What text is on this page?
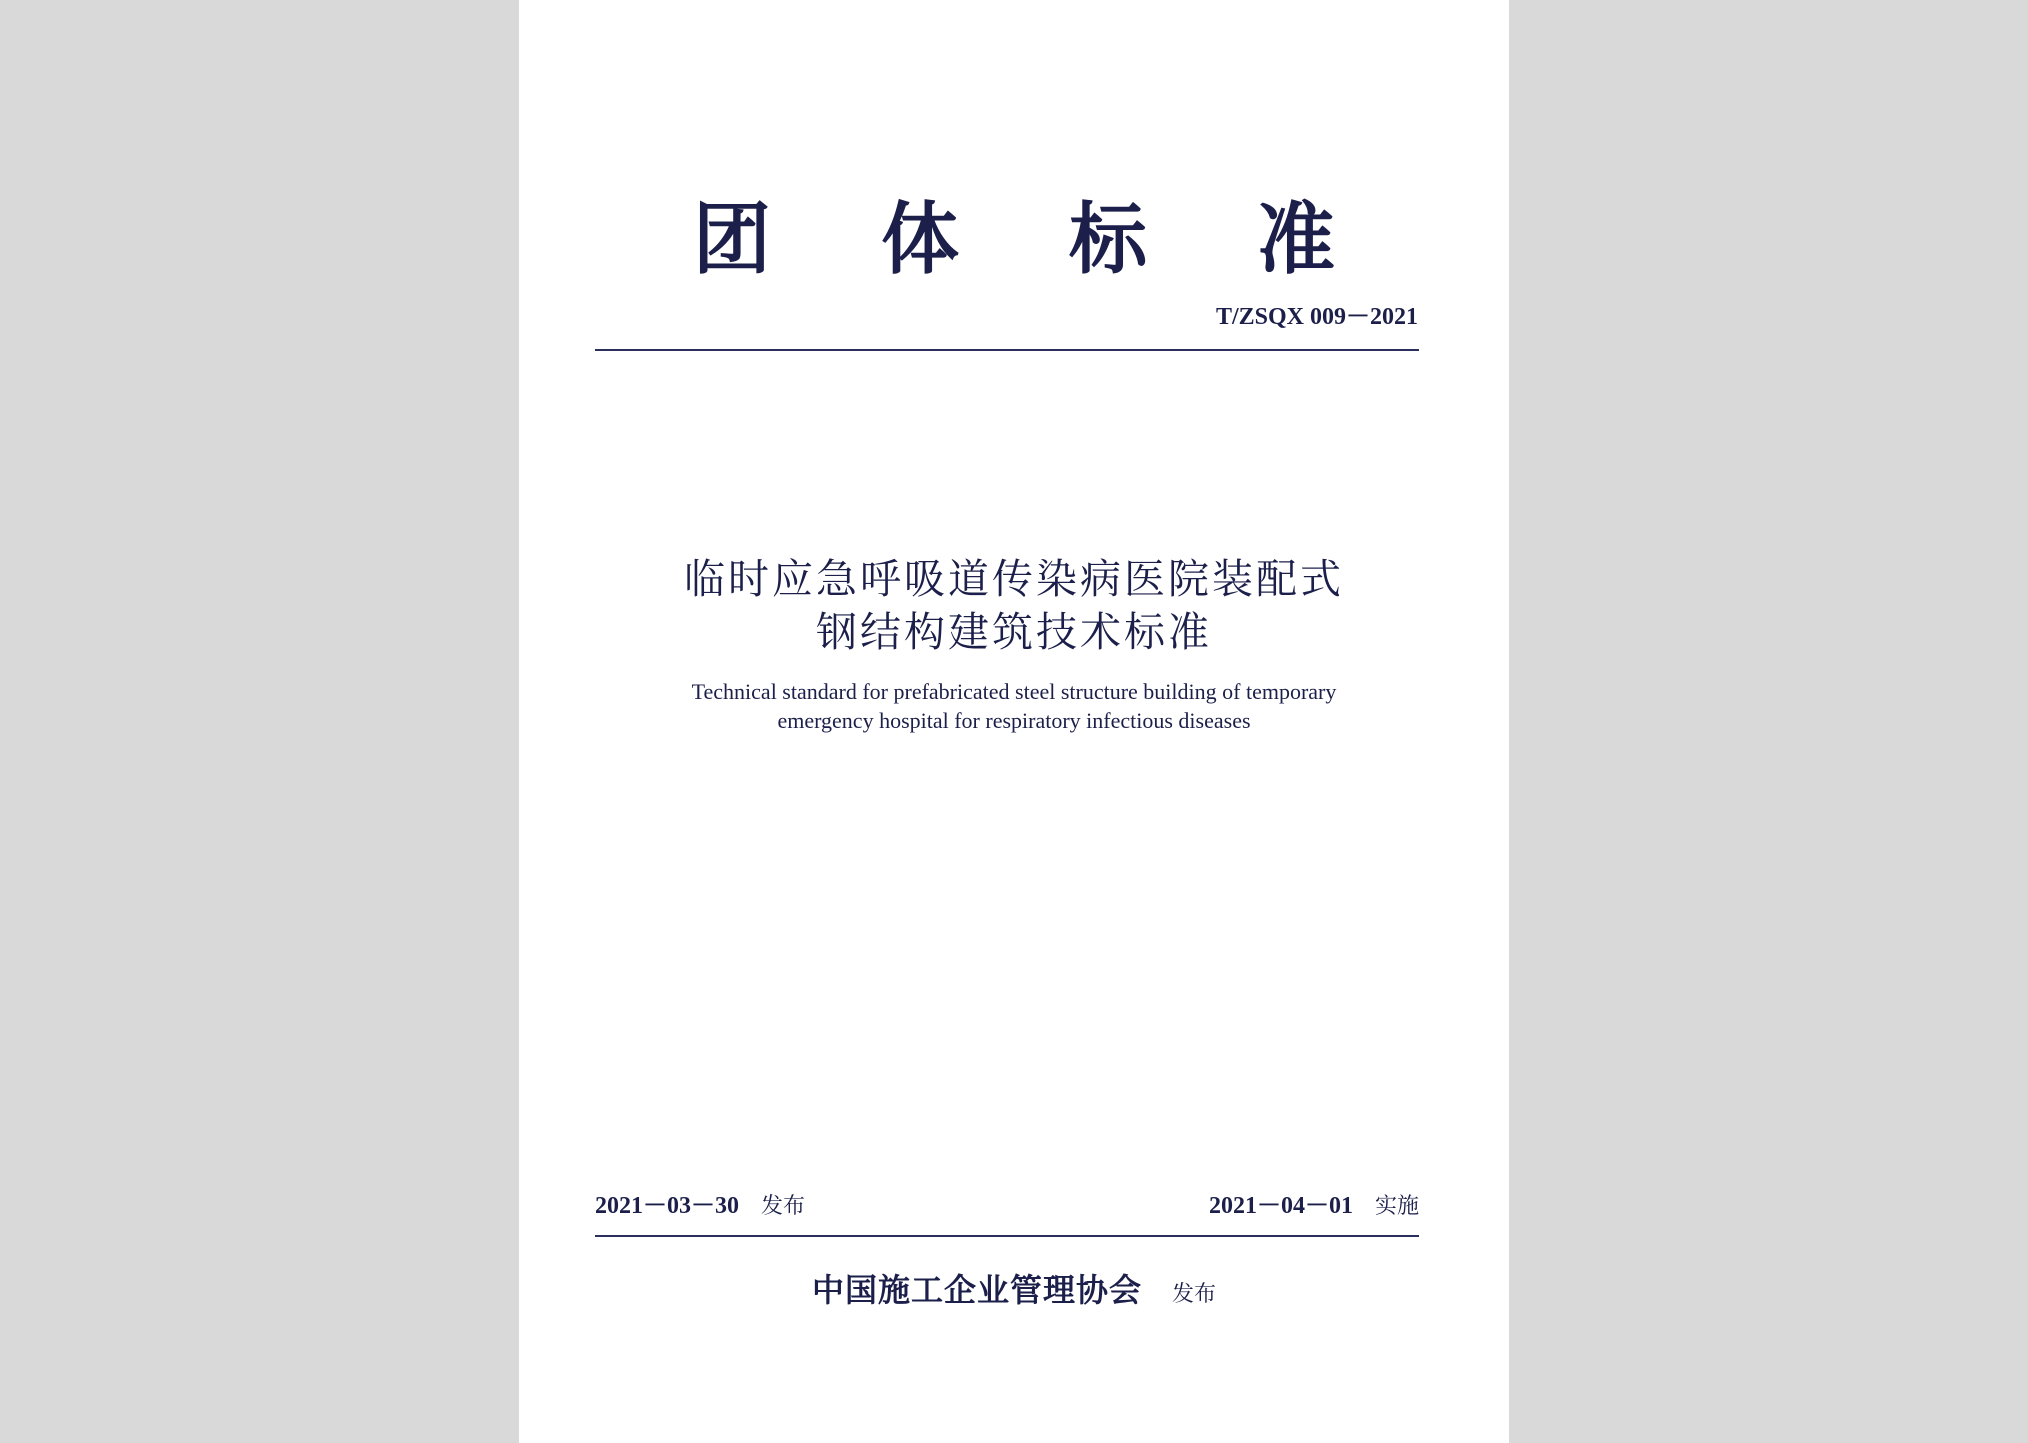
团体标准
T/ZSQX 009－2021
临时应急呼吸道传染病医院装配式
钢结构建筑技术标准
Technical standard for prefabricated steel structure building of temporary
emergency hospital for respiratory infectious diseases
2021－03－30 发布	2021－04－01 实施
中国施工企业管理协会 发布
